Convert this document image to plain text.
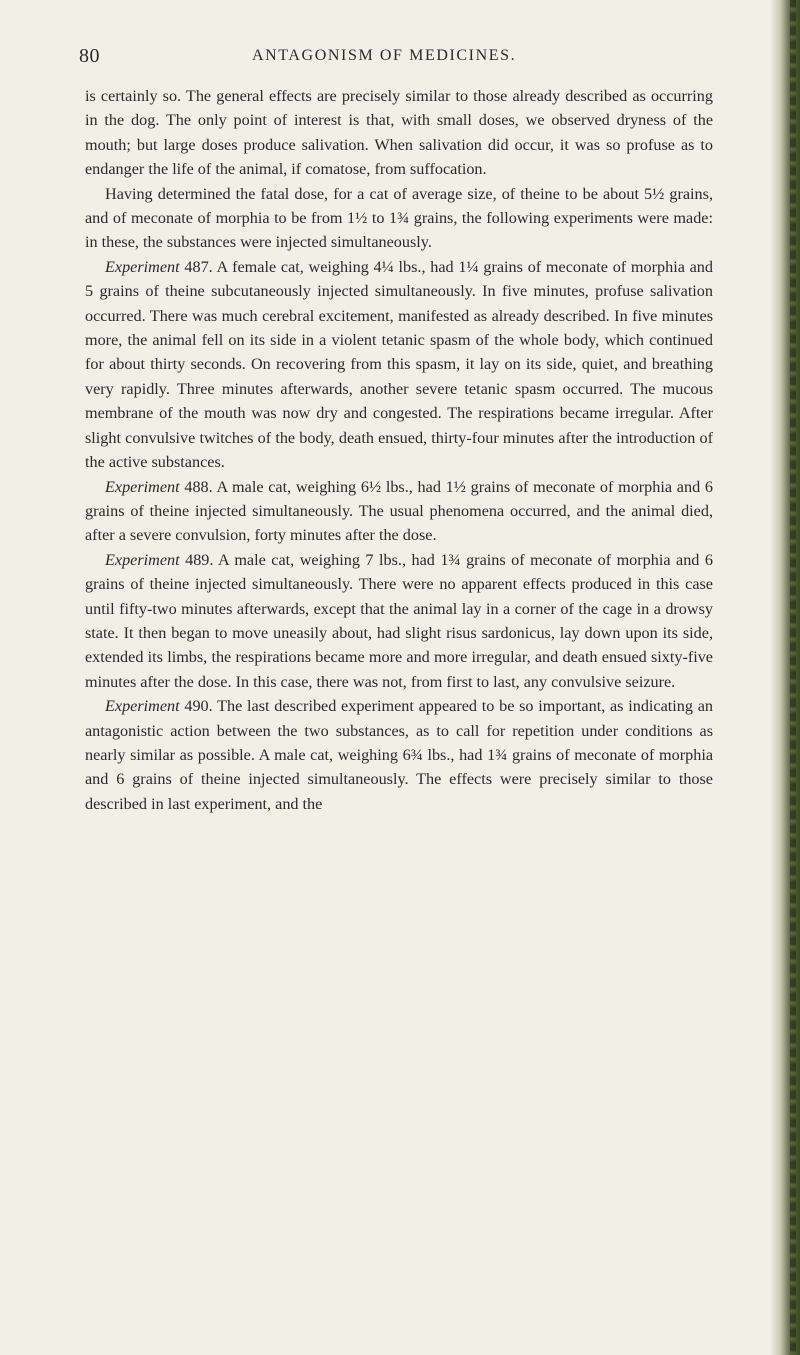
80	ANTAGONISM OF MEDICINES.

is certainly so. The general effects are precisely similar to those already described as occurring in the dog. The only point of interest is that, with small doses, we observed dryness of the mouth; but large doses produce salivation. When salivation did occur, it was so profuse as to endanger the life of the animal, if comatose, from suffocation.

Having determined the fatal dose, for a cat of average size, of theine to be about 5½ grains, and of meconate of morphia to be from 1½ to 1¾ grains, the following experiments were made: in these, the substances were injected simultaneously.

Experiment 487. A female cat, weighing 4¼ lbs., had 1¼ grains of meconate of morphia and 5 grains of theine subcutaneously injected simultaneously. In five minutes, profuse salivation occurred. There was much cerebral excitement, manifested as already described. In five minutes more, the animal fell on its side in a violent tetanic spasm of the whole body, which continued for about thirty seconds. On recovering from this spasm, it lay on its side, quiet, and breathing very rapidly. Three minutes afterwards, another severe tetanic spasm occurred. The mucous membrane of the mouth was now dry and congested. The respirations became irregular. After slight convulsive twitches of the body, death ensued, thirty-four minutes after the introduction of the active substances.

Experiment 488. A male cat, weighing 6½ lbs., had 1½ grains of meconate of morphia and 6 grains of theine injected simultaneously. The usual phenomena occurred, and the animal died, after a severe convulsion, forty minutes after the dose.

Experiment 489. A male cat, weighing 7 lbs., had 1¾ grains of meconate of morphia and 6 grains of theine injected simultaneously. There were no apparent effects produced in this case until fifty-two minutes afterwards, except that the animal lay in a corner of the cage in a drowsy state. It then began to move uneasily about, had slight risus sardonicus, lay down upon its side, extended its limbs, the respirations became more and more irregular, and death ensued sixty-five minutes after the dose. In this case, there was not, from first to last, any convulsive seizure.

Experiment 490. The last described experiment appeared to be so important, as indicating an antagonistic action between the two substances, as to call for repetition under conditions as nearly similar as possible. A male cat, weighing 6¾ lbs., had 1¾ grains of meconate of morphia and 6 grains of theine injected simultaneously. The effects were precisely similar to those described in last experiment, and the
